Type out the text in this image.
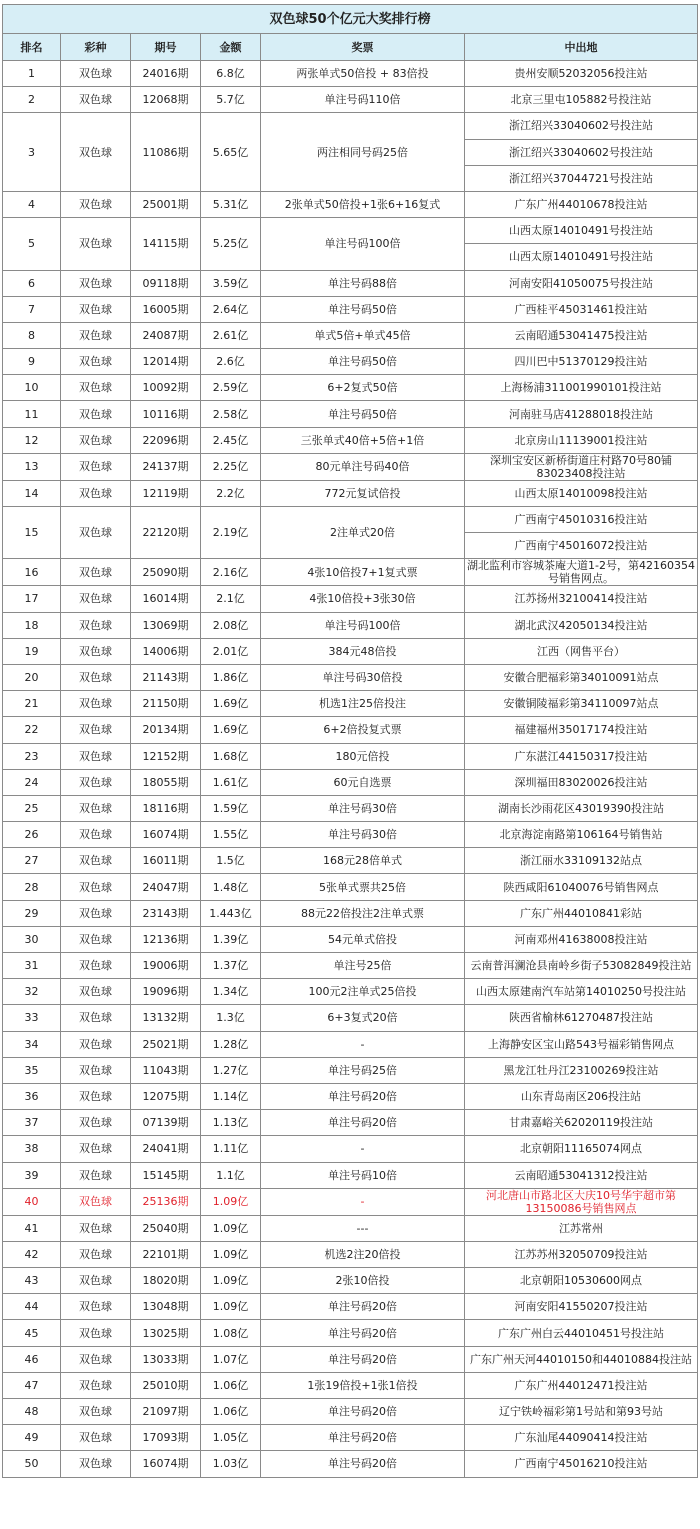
双色球50个亿元大奖排行榜					
排名	彩种	期号	金额	奖票	中出地
1	双色球	24016期	6.8亿	两张单式50倍投 + 83倍投	贵州安顺52032056投注站
2	双色球	12068期	5.7亿	单注号码110倍	北京三里屯105882号投注站
3	双色球	11086期	5.65亿	两注相同号码25倍	浙江绍兴33040602号投注站
					浙江绍兴33040602号投注站
					浙江绍兴37044721号投注站
4	双色球	25001期	5.31亿	2张单式50倍投+1张6+16复式	广东广州44010678投注站
5	双色球	14115期	5.25亿	单注号码100倍	山西太原14010491号投注站
					山西太原14010491号投注站
6	双色球	09118期	3.59亿	单注号码88倍	河南安阳41050075号投注站
7	双色球	16005期	2.64亿	单注号码50倍	广西桂平45031461投注站
8	双色球	24087期	2.61亿	单式5倍+单式45倍	云南昭通53041475投注站
9	双色球	12014期	2.6亿	单注号码50倍	四川巴中51370129投注站
10	双色球	10092期	2.59亿	6+2复式50倍	上海杨浦311001990101投注站
11	双色球	10116期	2.58亿	单注号码50倍	河南驻马店41288018投注站
12	双色球	22096期	2.45亿	三张单式40倍+5倍+1倍	北京房山11139001投注站
13	双色球	24137期	2.25亿	80元单注号码40倍	深圳宝安区新桥街道庄村路70号80铺83023408投注站
14	双色球	12119期	2.2亿	772元复试倍投	山西太原14010098投注站
15	双色球	22120期	2.19亿	2注单式20倍	广西南宁45010316投注站
					广西南宁45016072投注站
16	双色球	25090期	2.16亿	4张10倍投7+1复式票	湖北监利市容城茶庵大道1-2号，第42160354号销售网点。
17	双色球	16014期	2.1亿	4张10倍投+3张30倍	江苏扬州32100414投注站
18	双色球	13069期	2.08亿	单注号码100倍	湖北武汉42050134投注站
19	双色球	14006期	2.01亿	384元48倍投	江西（网售平台）
20	双色球	21143期	1.86亿	单注号码30倍投	安徽合肥福彩第34010091站点
21	双色球	21150期	1.69亿	机选1注25倍投注	安徽铜陵福彩第34110097站点
22	双色球	20134期	1.69亿	6+2倍投复式票	福建福州35017174投注站
23	双色球	12152期	1.68亿	180元倍投	广东湛江44150317投注站
24	双色球	18055期	1.61亿	60元自选票	深圳福田83020026投注站
25	双色球	18116期	1.59亿	单注号码30倍	湖南长沙雨花区43019390投注站
26	双色球	16074期	1.55亿	单注号码30倍	北京海淀南路第106164号销售站
27	双色球	16011期	1.5亿	168元28倍单式	浙江丽水33109132站点
28	双色球	24047期	1.48亿	5张单式票共25倍	陕西咸阳61040076号销售网点
29	双色球	23143期	1.443亿	88元22倍投注2注单式票	广东广州44010841彩站
30	双色球	12136期	1.39亿	54元单式倍投	河南邓州41638008投注站
31	双色球	19006期	1.37亿	单注号25倍	云南普洱澜沧县南岭乡街子53082849投注站
32	双色球	19096期	1.34亿	100元2注单式25倍投	山西太原建南汽车站第14010250号投注站
33	双色球	13132期	1.3亿	6+3复式20倍	陕西省榆林61270487投注站
34	双色球	25021期	1.28亿	-	上海静安区宝山路543号福彩销售网点
35	双色球	11043期	1.27亿	单注号码25倍	黑龙江牡丹江23100269投注站
36	双色球	12075期	1.14亿	单注号码20倍	山东青岛南区206投注站
37	双色球	07139期	1.13亿	单注号码20倍	甘肃嘉峪关62020119投注站
38	双色球	24041期	1.11亿	-	北京朝阳11165074网点
39	双色球	15145期	1.1亿	单注号码10倍	云南昭通53041312投注站
40	双色球	25136期	1.09亿	-	河北唐山市路北区大庆10号华宇超市第13150086号销售网点
41	双色球	25040期	1.09亿	---	江苏常州
42	双色球	22101期	1.09亿	机选2注20倍投	江苏苏州32050709投注站
43	双色球	18020期	1.09亿	2张10倍投	北京朝阳10530600网点
44	双色球	13048期	1.09亿	单注号码20倍	河南安阳41550207投注站
45	双色球	13025期	1.08亿	单注号码20倍	广东广州白云44010451号投注站
46	双色球	13033期	1.07亿	单注号码20倍	广东广州天河44010150和44010884投注站
47	双色球	25010期	1.06亿	1张19倍投+1张1倍投	广东广州44012471投注站
48	双色球	21097期	1.06亿	单注号码20倍	辽宁铁岭福彩第1号站和第93号站
49	双色球	17093期	1.05亿	单注号码20倍	广东汕尾44090414投注站
50	双色球	16074期	1.03亿	单注号码20倍	广西南宁45016210投注站
